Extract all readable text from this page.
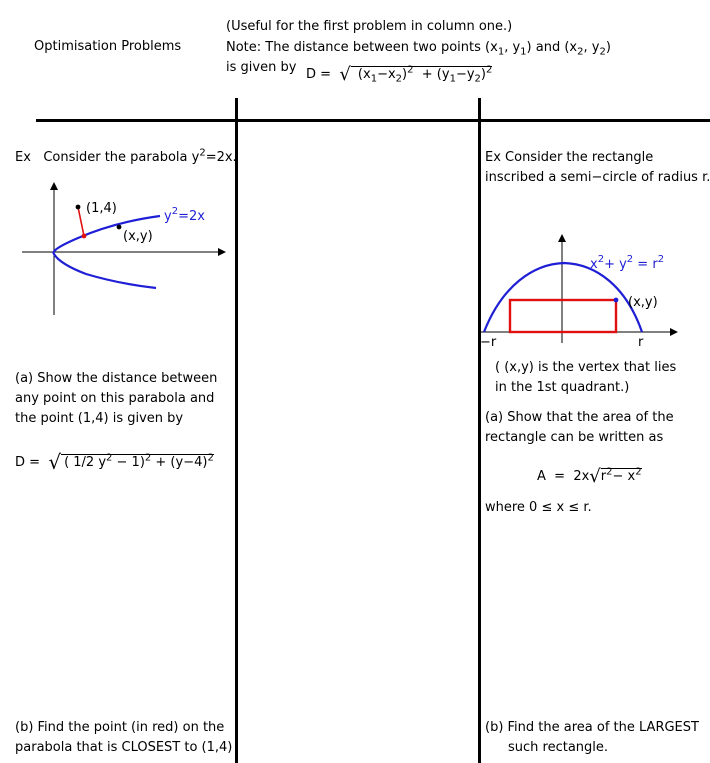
Optimisation Problems
(Useful for the first problem in column one.)
Note: The distance between two points ($x_1$, $y_1$) and ($x_2$, $y_2$)
is given by D =  √ $(x_1-x_2)^2 + (y_1-y_2)^2$
Ex   Consider the parabola $y^2=2x$.
(1,4)
(x,y)
$y^2=2x$
(a) Show the distance between
any point on this parabola and
the point (1,4) is given by
D =  √ ( 1/2 $y^2 - 1)^2 + (y-4)^2$
(b) Find the point (in red) on the
parabola that is CLOSEST to (1,4)
Ex Consider the rectangle
inscribed a semi−circle of radius r.
(x,y)
$x^2+ y^2 = r^2$
−r	r
( (x,y) is the vertex that lies
in the 1st quadrant.)
(a) Show that the area of the
rectangle can be written as
$A = 2x√r^2- x^2$
where 0 ≤ x ≤ r.
(b) Find the area of the LARGEST
such rectangle.
